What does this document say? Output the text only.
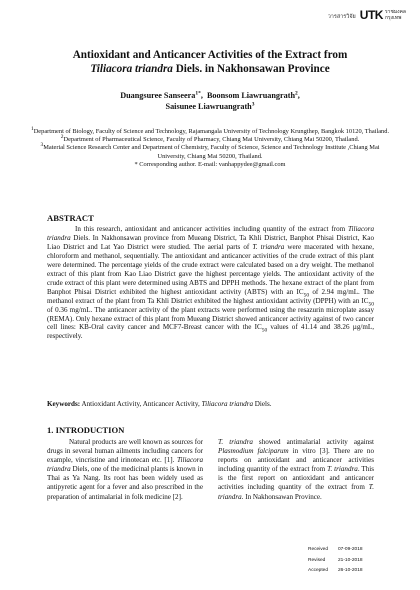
วารสารวิจัย UTK ราชมงคล
กรุงเทพ
Antioxidant and Anticancer Activities of the Extract from
Tiliacora triandra Diels. in Nakhonsawan Province
Duangsuree Sanseera$^{1*}$,  Boonsom Liawruangrath$^2$,
Saisunee Liawruangrath$^3$
$^1$Department of Biology, Faculty of Science and Technology, Rajamangala University of Technology Krungthep, Bangkok 10120, Thailand.
$^2$Department of Pharmaceutical Science, Faculty of Pharmacy, Chiang Mai University, Chiang Mai 50200, Thailand.
$^3$Material Science Research Center and Department of Chemistry, Faculty of Science, Science and Technology Institute ,Chiang Mai University, Chiang Mai 50200, Thailand.
* Corresponding author. E-mail: vanhappydee@gmail.com
ABSTRACT

In this research, antioxidant and anticancer activities including quantity of the extract from Tiliacora triandra Diels. In Nakhonsawan province from Mueang District, Ta Khli District, Banphot Phisai District, Kao Liao District and Lat Yao District were studied. The aerial parts of T. triandra were macerated with hexane, chloroform and methanol, sequentially. The antioxidant and anticancer activities of the crude extract of this plant were determined. The percentage yields of the crude extract were calculated based on a dry weight. The methanol extract of this plant from Kao Liao District gave the highest percentage yields. The antioxidant activity of the crude extract of this plant were determined using ABTS and DPPH methods. The hexane extract of the plant from Banphot Phisai District exhibited the highest antioxidant activity (ABTS) with an $IC_{50}$ of 2.94 mg/mL. The methanol extract of the plant from Ta Khli District exhibited the highest antioxidant activity (DPPH) with an $IC_{50}$ of 0.36 mg/mL. The anticancer activity of the plant extracts were performed using the resazurin microplate assay (REMA). Only hexane extract of this plant from Mueang District showed anticancer activity against of two cancer cell lines: KB-Oral cavity cancer and MCF7-Breast cancer with the $IC_{50}$ values of 41.14 and 38.26 µg/mL, respectively.

Keywords: Antioxidant Activity, Anticancer Activity, Tiliacora triandra Diels.
1. INTRODUCTION

Natural products are well known as sources for drugs in several human ailments including cancers for example, vincristine and irinotecan etc. [1]. Tiliacora triandra Diels, one of the medicinal plants is known in Thai as Ya Nang. Its root has been widely used as antipyretic agent for a fever and also prescribed in the preparation of antimalarial in folk medicine [2].

T. triandra showed antimalarial activity against Plasmodium falciparum in vitro [3]. There are no reports on antioxidant and anticancer activities including quantity of the extract from T. triandra. This is the first report on antioxidant and anticancer activities including quantity of the extract from T. triandra. In Nakhonsawan Province.

Received	07-09-2018
Revised	21-10-2018
Accepted	26-10-2018
